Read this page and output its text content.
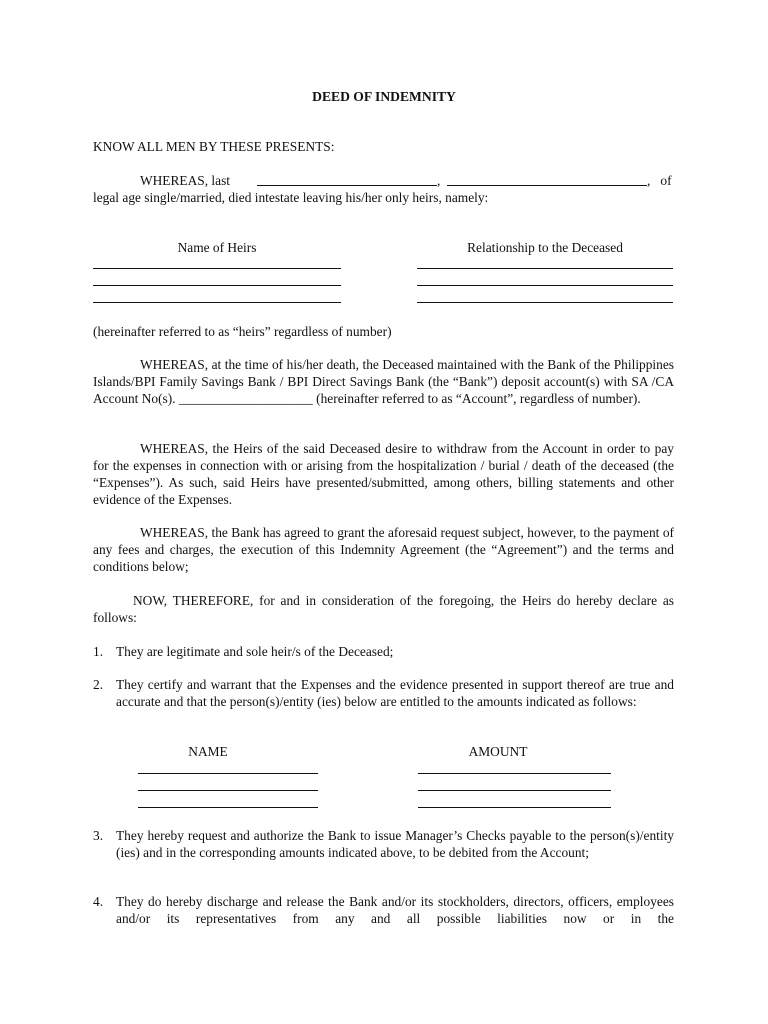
DEED OF INDEMNITY
KNOW ALL MEN BY THESE PRESENTS:
WHEREAS, last	,	,   of
legal age single/married, died intestate leaving his/her only heirs, namely:
Name of Heirs	Relationship to the Deceased
(hereinafter referred to as “heirs” regardless of number)
WHEREAS, at the time of his/her death, the Deceased maintained with the Bank of the Philippines Islands/BPI Family Savings Bank / BPI Direct Savings Bank (the “Bank”) deposit account(s) with SA /CA Account No(s). ____________________ (hereinafter referred to as “Account”, regardless of number).
WHEREAS, the Heirs of the said Deceased desire to withdraw from the Account in order to pay for the expenses in connection with or arising from the hospitalization / burial / death of the deceased (the “Expenses”). As such, said Heirs have presented/submitted, among others, billing statements and other evidence of the Expenses.
WHEREAS, the Bank has agreed to grant the aforesaid request subject, however, to the payment of any fees and charges, the execution of this Indemnity Agreement (the “Agreement”) and the terms and conditions below;
NOW, THEREFORE, for and in consideration of the foregoing, the Heirs do hereby declare as follows:
1. They are legitimate and sole heir/s of the Deceased;
2. They certify and warrant that the Expenses and the evidence presented in support thereof are true and accurate and that the person(s)/entity (ies) below are entitled to the amounts indicated as follows:
NAME	AMOUNT
3. They hereby request and authorize the Bank to issue Manager’s Checks payable to the person(s)/entity (ies) and in the corresponding amounts indicated above, to be debited from the Account;
4. They do hereby discharge and release the Bank and/or its stockholders, directors, officers, employees and/or its representatives from any and all possible liabilities now or in the
